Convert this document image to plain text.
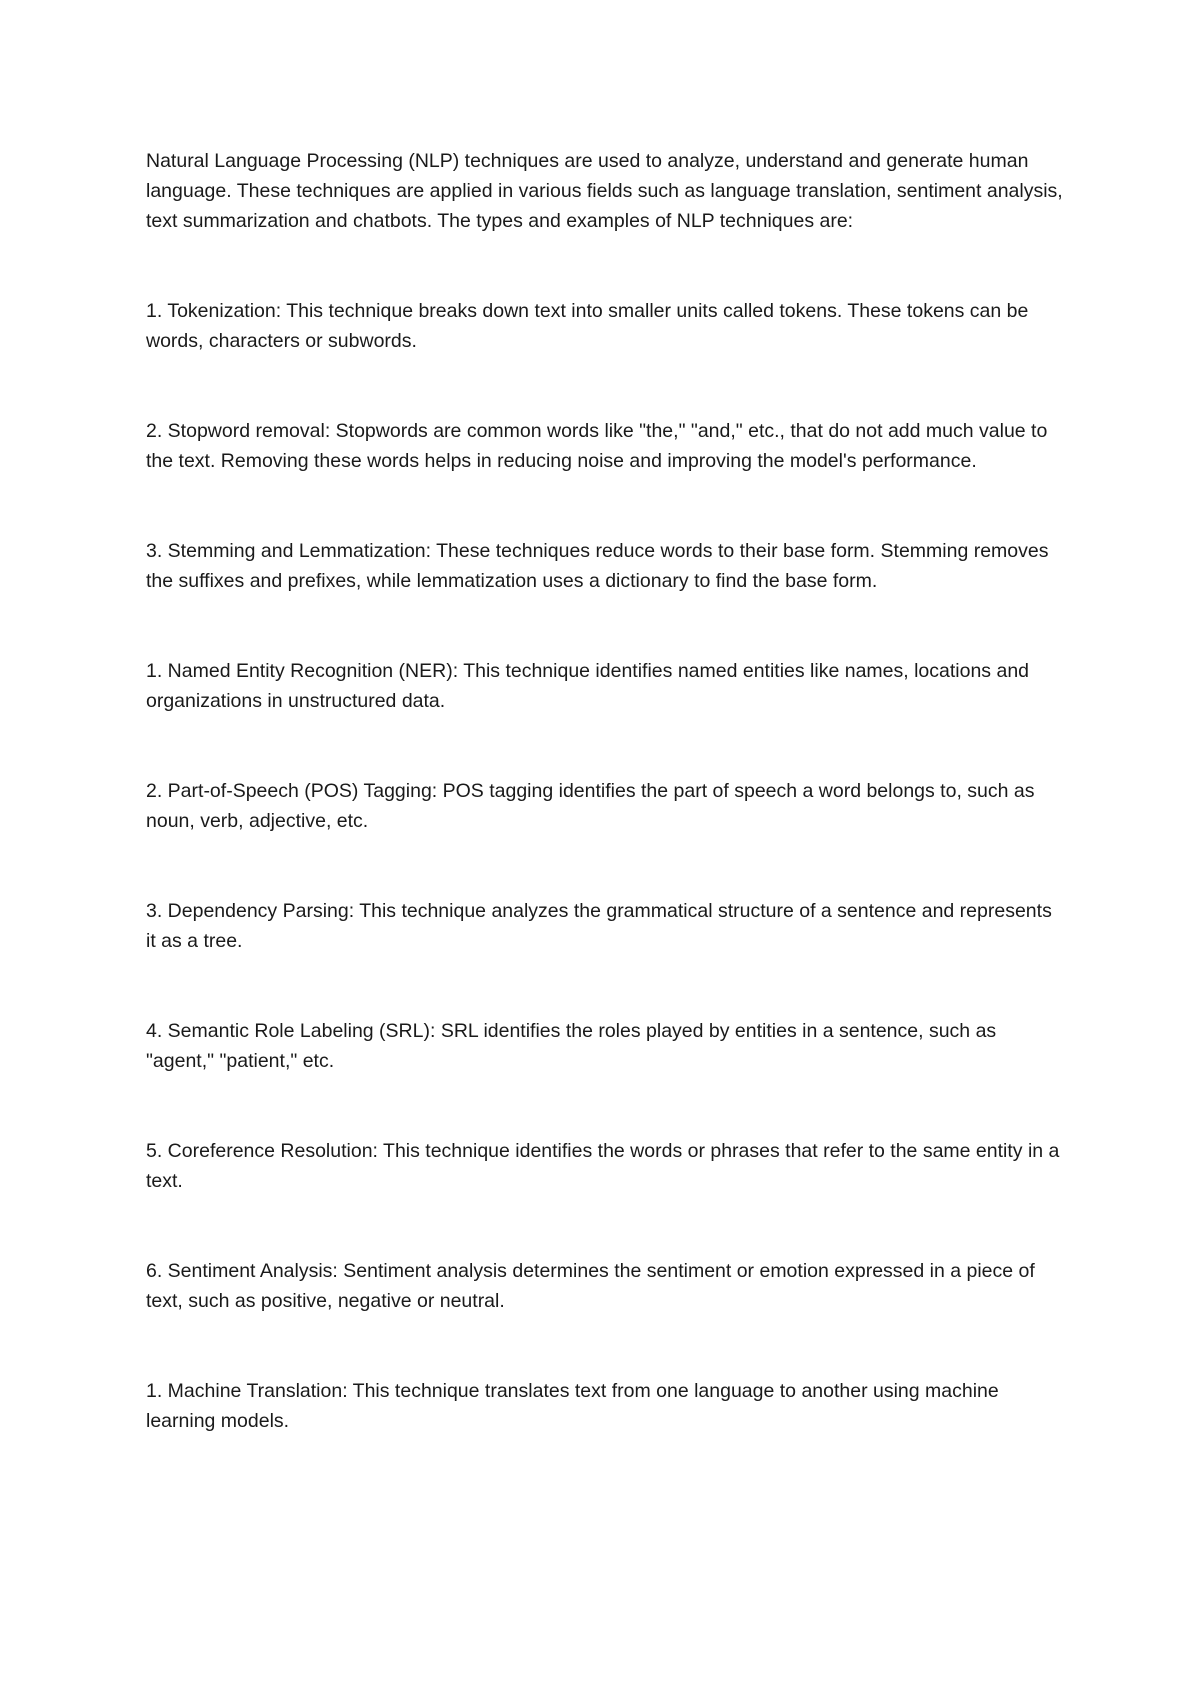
Natural Language Processing (NLP) techniques are used to analyze, understand and generate human language. These techniques are applied in various fields such as language translation, sentiment analysis, text summarization and chatbots. The types and examples of NLP techniques are:

1. Tokenization: This technique breaks down text into smaller units called tokens. These tokens can be words, characters or subwords.

2. Stopword removal: Stopwords are common words like "the," "and," etc., that do not add much value to the text. Removing these words helps in reducing noise and improving the model's performance.

3. Stemming and Lemmatization: These techniques reduce words to their base form. Stemming removes the suffixes and prefixes, while lemmatization uses a dictionary to find the base form.

1. Named Entity Recognition (NER): This technique identifies named entities like names, locations and organizations in unstructured data.

2. Part-of-Speech (POS) Tagging: POS tagging identifies the part of speech a word belongs to, such as noun, verb, adjective, etc.

3. Dependency Parsing: This technique analyzes the grammatical structure of a sentence and represents it as a tree.

4. Semantic Role Labeling (SRL): SRL identifies the roles played by entities in a sentence, such as "agent," "patient," etc.

5. Coreference Resolution: This technique identifies the words or phrases that refer to the same entity in a text.

6. Sentiment Analysis: Sentiment analysis determines the sentiment or emotion expressed in a piece of text, such as positive, negative or neutral.

1. Machine Translation: This technique translates text from one language to another using machine learning models.
